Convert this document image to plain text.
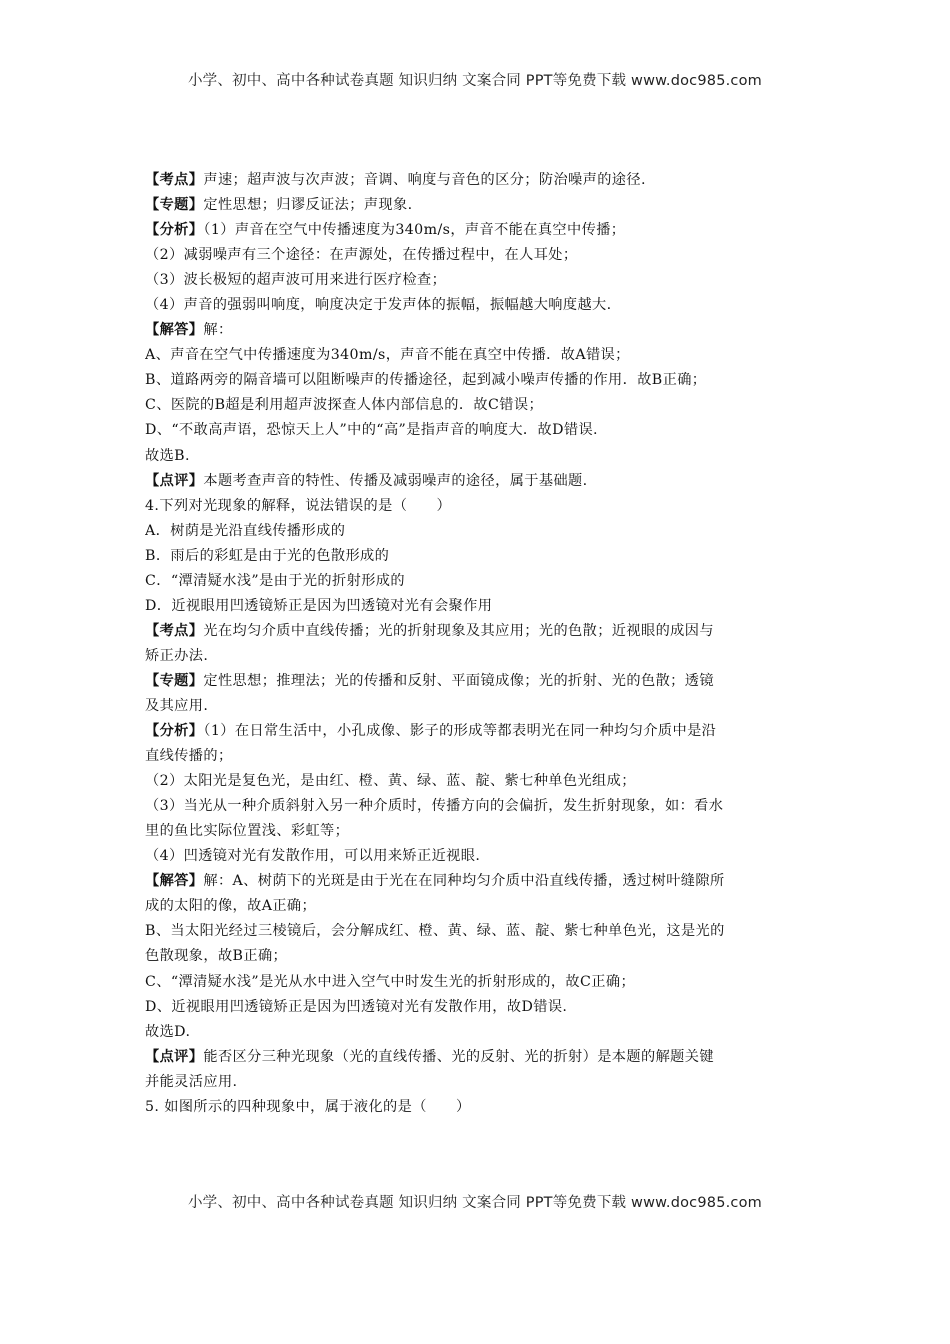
小学、初中、高中各种试卷真题 知识归纳 文案合同 PPT等免费下载 www.doc985.com
【考点】声速；超声波与次声波；音调、响度与音色的区分；防治噪声的途径.
【专题】定性思想；归谬反证法；声现象.
【分析】（1）声音在空气中传播速度为340m/s，声音不能在真空中传播；
（2）减弱噪声有三个途径：在声源处，在传播过程中，在人耳处；
（3）波长极短的超声波可用来进行医疗检查；
（4）声音的强弱叫响度，响度决定于发声体的振幅，振幅越大响度越大.
【解答】解：
A、声音在空气中传播速度为340m/s，声音不能在真空中传播．故A错误；
B、道路两旁的隔音墙可以阻断噪声的传播途径，起到减小噪声传播的作用．故B正确；
C、医院的B超是利用超声波探查人体内部信息的．故C错误；
D、“不敢高声语，恐惊天上人”中的“高”是指声音的响度大．故D错误.
故选B.
【点评】本题考查声音的特性、传播及减弱噪声的途径，属于基础题.
4.下列对光现象的解释，说法错误的是（　　）
A．树荫是光沿直线传播形成的
B．雨后的彩虹是由于光的色散形成的
C．“潭清疑水浅”是由于光的折射形成的
D．近视眼用凹透镜矫正是因为凹透镜对光有会聚作用
【考点】光在均匀介质中直线传播；光的折射现象及其应用；光的色散；近视眼的成因与
矫正办法.
【专题】定性思想；推理法；光的传播和反射、平面镜成像；光的折射、光的色散；透镜
及其应用.
【分析】（1）在日常生活中，小孔成像、影子的形成等都表明光在同一种均匀介质中是沿
直线传播的；
（2）太阳光是复色光，是由红、橙、黄、绿、蓝、靛、紫七种单色光组成；
（3）当光从一种介质斜射入另一种介质时，传播方向的会偏折，发生折射现象，如：看水
里的鱼比实际位置浅、彩虹等；
（4）凹透镜对光有发散作用，可以用来矫正近视眼.
【解答】解：A、树荫下的光斑是由于光在在同种均匀介质中沿直线传播，透过树叶缝隙所
成的太阳的像，故A正确；
B、当太阳光经过三棱镜后，会分解成红、橙、黄、绿、蓝、靛、紫七种单色光，这是光的
色散现象，故B正确；
C、“潭清疑水浅”是光从水中进入空气中时发生光的折射形成的，故C正确；
D、近视眼用凹透镜矫正是因为凹透镜对光有发散作用，故D错误.
故选D.
【点评】能否区分三种光现象（光的直线传播、光的反射、光的折射）是本题的解题关键
并能灵活应用.
5. 如图所示的四种现象中，属于液化的是（　　）
小学、初中、高中各种试卷真题 知识归纳 文案合同 PPT等免费下载 www.doc985.com
